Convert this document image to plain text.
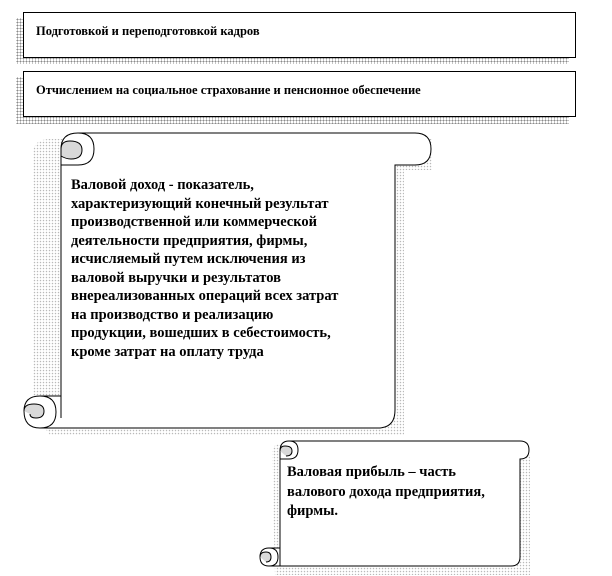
Подготовкой и переподготовкой кадров
Отчислением на социальное страхование и пенсионное обеспечение
Валовой доход - показатель,
характеризующий конечный результат
производственной или коммерческой
деятельности предприятия, фирмы,
исчисляемый путем исключения из
валовой выручки и результатов
внереализованных операций всех затрат
на производство и реализацию
продукции, вошедших в себестоимость,
кроме затрат на оплату труда
Валовая прибыль – часть
валового дохода предприятия,
фирмы.
